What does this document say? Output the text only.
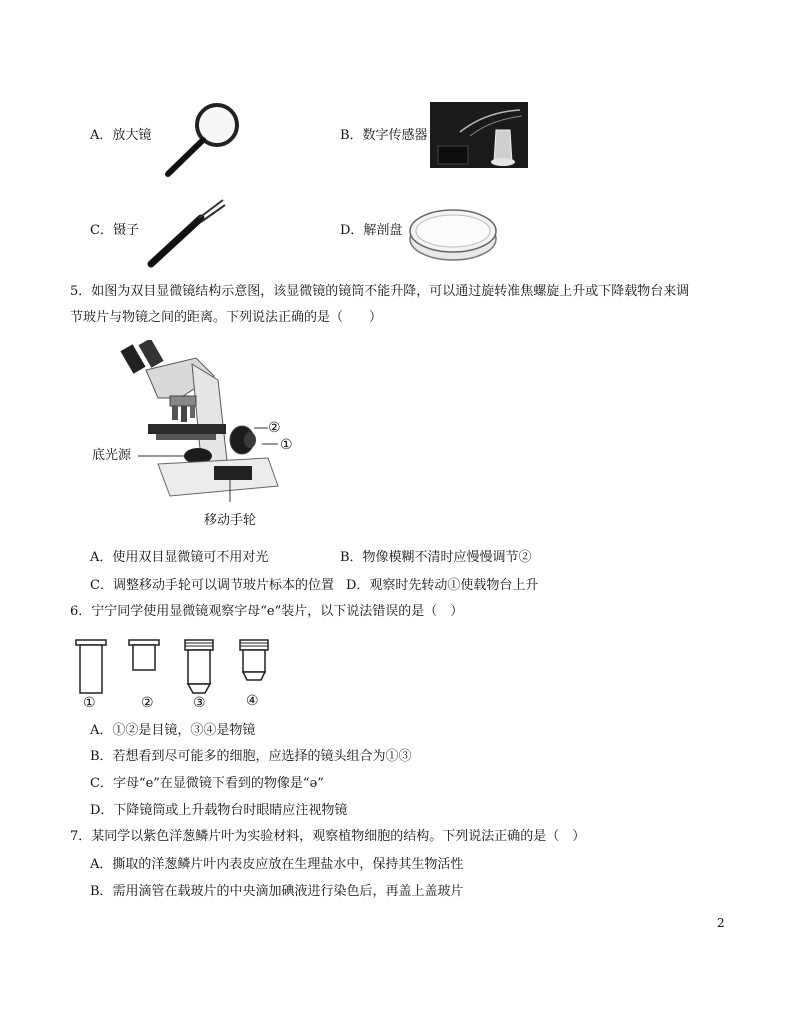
A．放大镜	B．数字传感器
C．镊子	D．解剖盘
5．如图为双目显微镜结构示意图，该显微镜的镜筒不能升降，可以通过旋转准焦螺旋上升或下降载物台来调
节玻片与物镜之间的距离。下列说法正确的是（　　）
②
①
底光源
移动手轮
A．使用双目显微镜可不用对光	B．物像模糊不清时应慢慢调节②
C．调整移动手轮可以调节玻片标本的位置 D．观察时先转动①使载物台上升
6．宁宁同学使用显微镜观察字母“e”装片，以下说法错误的是（　）
①	②	③	④
A．①②是目镜，③④是物镜
B．若想看到尽可能多的细胞，应选择的镜头组合为①③
C．字母“e”在显微镜下看到的物像是“ə”
D．下降镜筒或上升载物台时眼睛应注视物镜
7．某同学以紫色洋葱鳞片叶为实验材料，观察植物细胞的结构。下列说法正确的是（　）
A．撕取的洋葱鳞片叶内表皮应放在生理盐水中，保持其生物活性
B．需用滴管在载玻片的中央滴加碘液进行染色后，再盖上盖玻片
2
